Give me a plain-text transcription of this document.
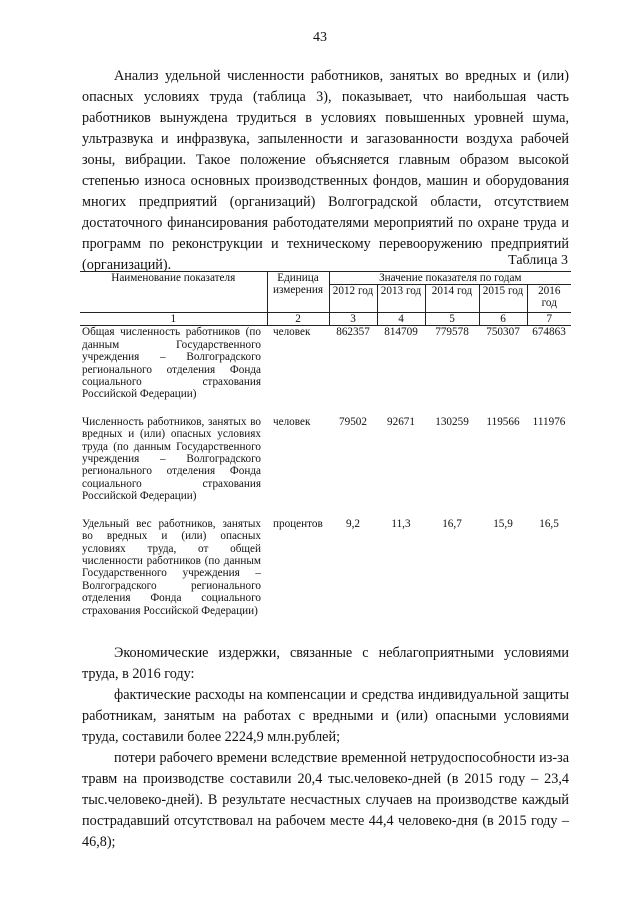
43

Анализ удельной численности работников, занятых во вредных и (или) опасных условиях труда (таблица 3), показывает, что наибольшая часть работников вынуждена трудиться в условиях повышенных уровней шума, ультразвука и инфразвука, запыленности и загазованности воздуха рабочей зоны, вибрации. Такое положение объясняется главным образом высокой степенью износа основных производственных фондов, машин и оборудования многих предприятий (организаций) Волгоградской области, отсутствием достаточного финансирования работодателями мероприятий по охране труда и программ по реконструкции и техническому перевооружению предприятий (организаций).	Таблица 3
Наименование показателя	Единица измерения	Значение показателя по годам				
		2012 год	2013 год	2014 год	2015 год	2016 год
1	2	3	4	5	6	7
Общая численность работников (по данным Государственного учреждения – Волгоградского регионального отделения Фонда социального страхования Российской Федерации)	человек	862357	814709	779578	750307	674863

Численность работников, занятых во вредных и (или) опасных условиях труда (по данным Государственного учреждения – Волгоградского регионального отделения Фонда социального страхования Российской Федерации)	человек	79502	92671	130259	119566	111976

Удельный вес работников, занятых во вредных и (или) опасных условиях труда, от общей численности работников (по данным Государственного учреждения – Волгоградского регионального отделения Фонда социального страхования Российской Федерации)	процентов	9,2	11,3	16,7	15,9	16,5

Экономические издержки, связанные с неблагоприятными условиями труда, в 2016 году:

фактические расходы на компенсации и средства индивидуальной защиты работникам, занятым на работах с вредными и (или) опасными условиями труда, составили более 2224,9 млн.рублей;

потери рабочего времени вследствие временной нетрудоспособности из-за травм на производстве составили 20,4 тыс.человеко-дней (в 2015 году – 23,4 тыс.человеко-дней). В результате несчастных случаев на производстве каждый пострадавший отсутствовал на рабочем месте 44,4 человеко-дня (в 2015 году – 46,8);
